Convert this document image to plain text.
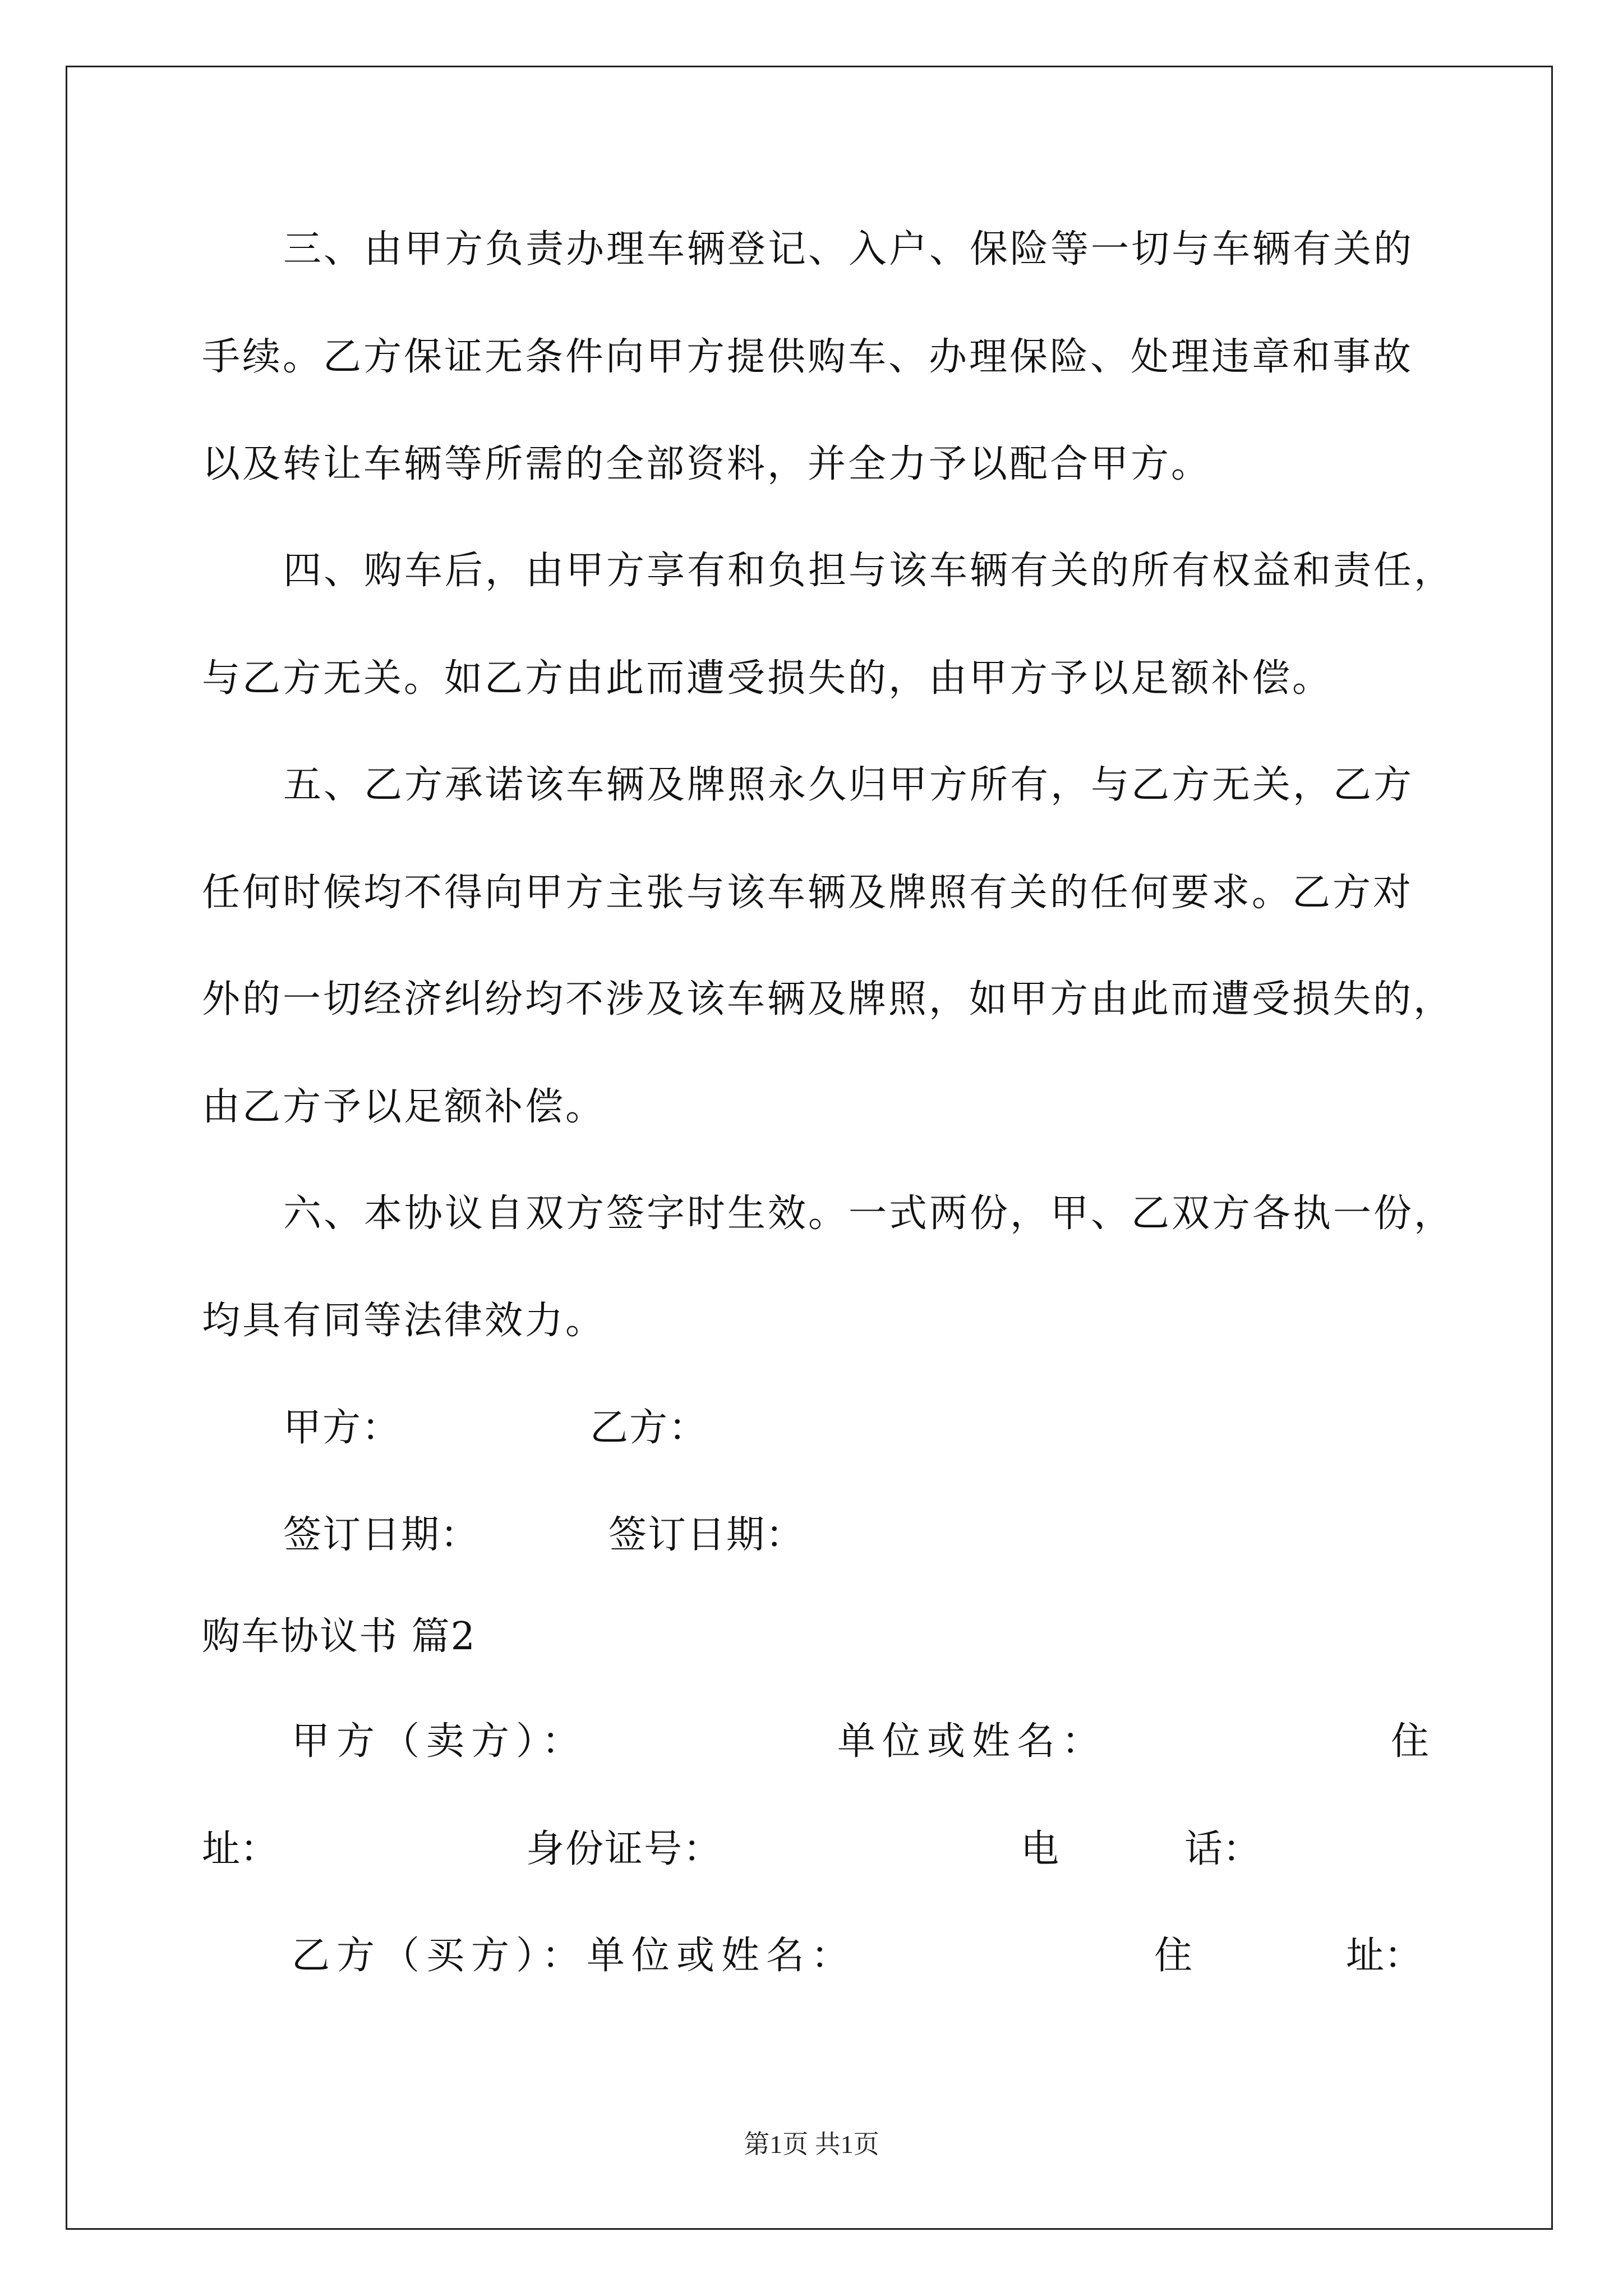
三、由甲方负责办理车辆登记、入户、保险等一切与车辆有关的
手续。乙方保证无条件向甲方提供购车、办理保险、处理违章和事故
以及转让车辆等所需的全部资料，并全力予以配合甲方。
四、购车后，由甲方享有和负担与该车辆有关的所有权益和责任，
与乙方无关。如乙方由此而遭受损失的，由甲方予以足额补偿。
五、乙方承诺该车辆及牌照永久归甲方所有，与乙方无关，乙方
任何时候均不得向甲方主张与该车辆及牌照有关的任何要求。乙方对
外的一切经济纠纷均不涉及该车辆及牌照，如甲方由此而遭受损失的，
由乙方予以足额补偿。
六、本协议自双方签字时生效。一式两份，甲、乙双方各执一份，
均具有同等法律效力。
甲方：	乙方：
签订日期：	签订日期：
购车协议书 篇2
甲方（卖方）：	单位或姓名：	住
址：	身份证号：	电	话：
乙方（买方）：单位或姓名：	住	址：
第1页 共1页
